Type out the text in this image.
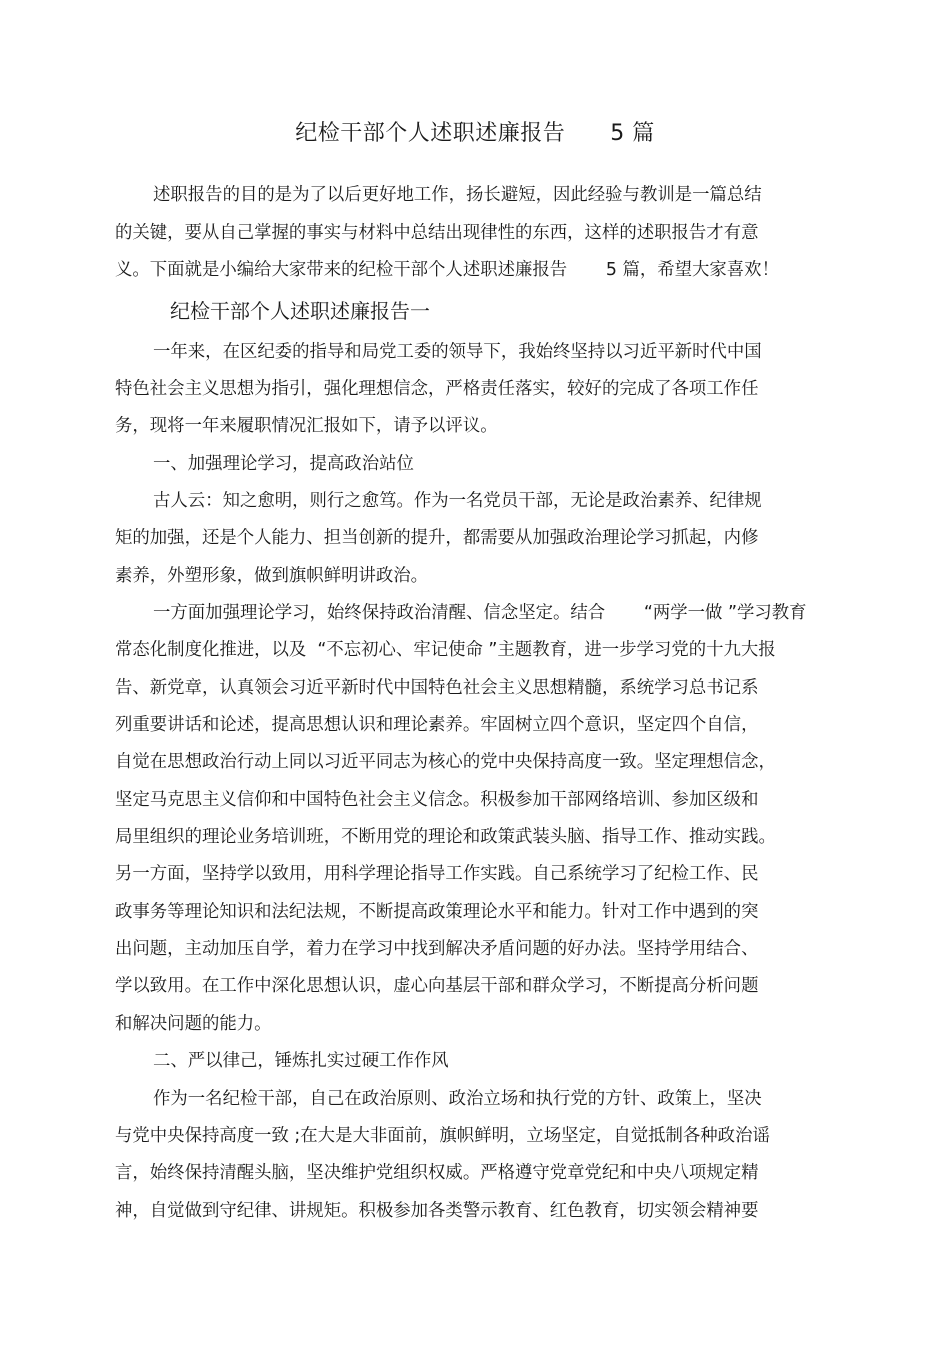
纪检干部个人述职述廉报告      5 篇
述职报告的目的是为了以后更好地工作，扬长避短，因此经验与教训是一篇总结
的关键，要从自己掌握的事实与材料中总结出现律性的东西，这样的述职报告才有意
义。下面就是小编给大家带来的纪检干部个人述职述廉报告       5 篇，希望大家喜欢！
纪检干部个人述职述廉报告一
一年来，在区纪委的指导和局党工委的领导下，我始终坚持以习近平新时代中国
特色社会主义思想为指引，强化理想信念，严格责任落实，较好的完成了各项工作任
务，现将一年来履职情况汇报如下，请予以评议。
一、加强理论学习，提高政治站位
古人云：知之愈明，则行之愈笃。作为一名党员干部，无论是政治素养、纪律规
矩的加强，还是个人能力、担当创新的提升，都需要从加强政治理论学习抓起，内修
素养，外塑形象，做到旗帜鲜明讲政治。
一方面加强理论学习，始终保持政治清醒、信念坚定。结合       “两学一做 ”学习教育
常态化制度化推进，以及  “不忘初心、牢记使命 ”主题教育，进一步学习党的十九大报
告、新党章，认真领会习近平新时代中国特色社会主义思想精髓，系统学习总书记系
列重要讲话和论述，提高思想认识和理论素养。牢固树立四个意识，坚定四个自信，
自觉在思想政治行动上同以习近平同志为核心的党中央保持高度一致。坚定理想信念，
坚定马克思主义信仰和中国特色社会主义信念。积极参加干部网络培训、参加区级和
局里组织的理论业务培训班，不断用党的理论和政策武装头脑、指导工作、推动实践。
另一方面，坚持学以致用，用科学理论指导工作实践。自己系统学习了纪检工作、民
政事务等理论知识和法纪法规，不断提高政策理论水平和能力。针对工作中遇到的突
出问题，主动加压自学，着力在学习中找到解决矛盾问题的好办法。坚持学用结合、
学以致用。在工作中深化思想认识，虚心向基层干部和群众学习，不断提高分析问题
和解决问题的能力。
二、严以律己，锤炼扎实过硬工作作风
作为一名纪检干部，自己在政治原则、政治立场和执行党的方针、政策上，坚决
与党中央保持高度一致 ;在大是大非面前，旗帜鲜明，立场坚定，自觉抵制各种政治谣
言，始终保持清醒头脑，坚决维护党组织权威。严格遵守党章党纪和中央八项规定精
神，自觉做到守纪律、讲规矩。积极参加各类警示教育、红色教育，切实领会精神要
